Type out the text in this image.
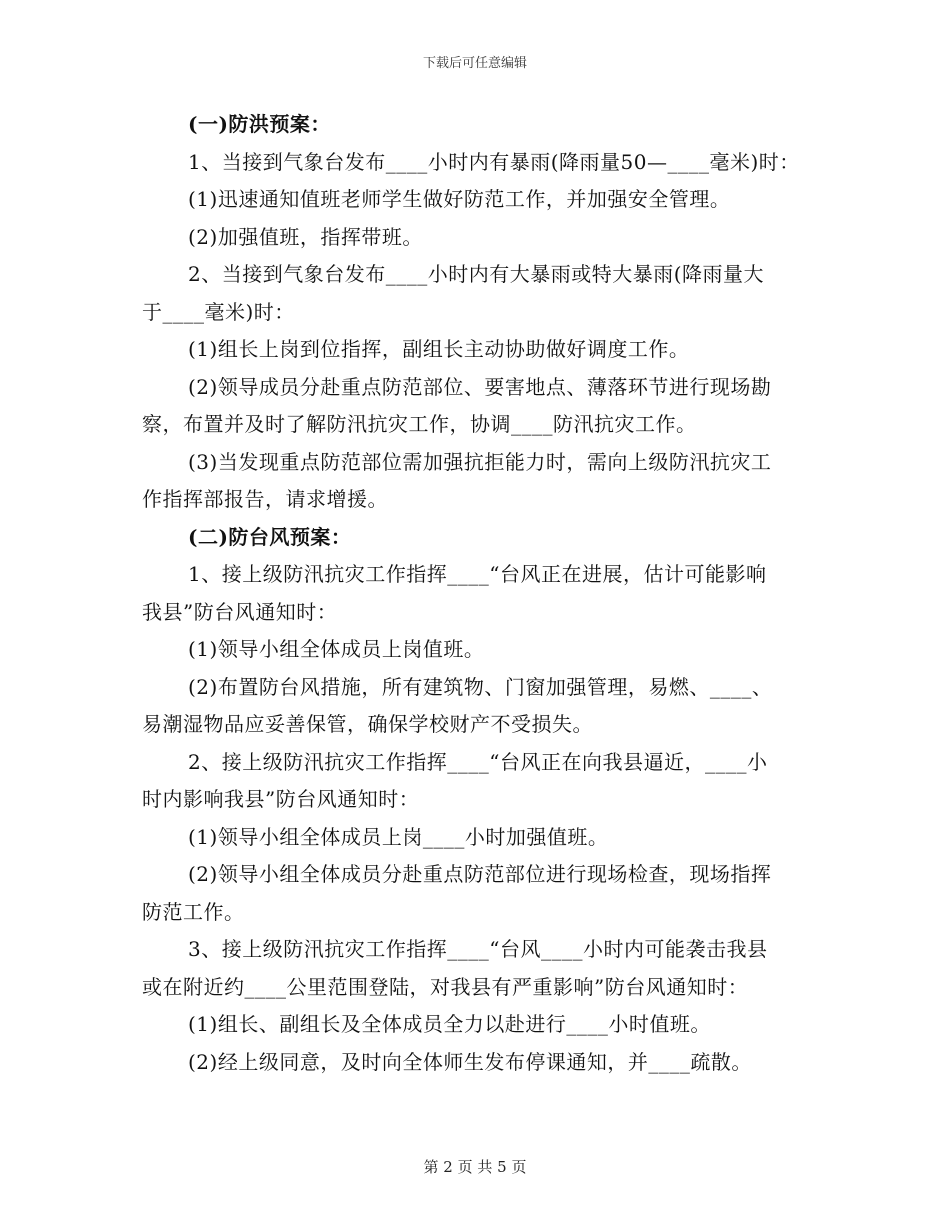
下载后可任意编辑
(一)防洪预案：
1、当接到气象台发布____小时内有暴雨(降雨量50—____毫米)时：
(1)迅速通知值班老师学生做好防范工作，并加强安全管理。
(2)加强值班，指挥带班。
2、当接到气象台发布____小时内有大暴雨或特大暴雨(降雨量大
于____毫米)时：
(1)组长上岗到位指挥，副组长主动协助做好调度工作。
(2)领导成员分赴重点防范部位、要害地点、薄落环节进行现场勘
察，布置并及时了解防汛抗灾工作，协调____防汛抗灾工作。
(3)当发现重点防范部位需加强抗拒能力时，需向上级防汛抗灾工
作指挥部报告，请求增援。
(二)防台风预案：
1、接上级防汛抗灾工作指挥____“台风正在进展，估计可能影响
我县”防台风通知时：
(1)领导小组全体成员上岗值班。
(2)布置防台风措施，所有建筑物、门窗加强管理，易燃、____、
易潮湿物品应妥善保管，确保学校财产不受损失。
2、接上级防汛抗灾工作指挥____“台风正在向我县逼近，____小
时内影响我县”防台风通知时：
(1)领导小组全体成员上岗____小时加强值班。
(2)领导小组全体成员分赴重点防范部位进行现场检查，现场指挥
防范工作。
3、接上级防汛抗灾工作指挥____“台风____小时内可能袭击我县
或在附近约____公里范围登陆，对我县有严重影响”防台风通知时：
(1)组长、副组长及全体成员全力以赴进行____小时值班。
(2)经上级同意，及时向全体师生发布停课通知，并____疏散。
第 2 页 共 5 页
